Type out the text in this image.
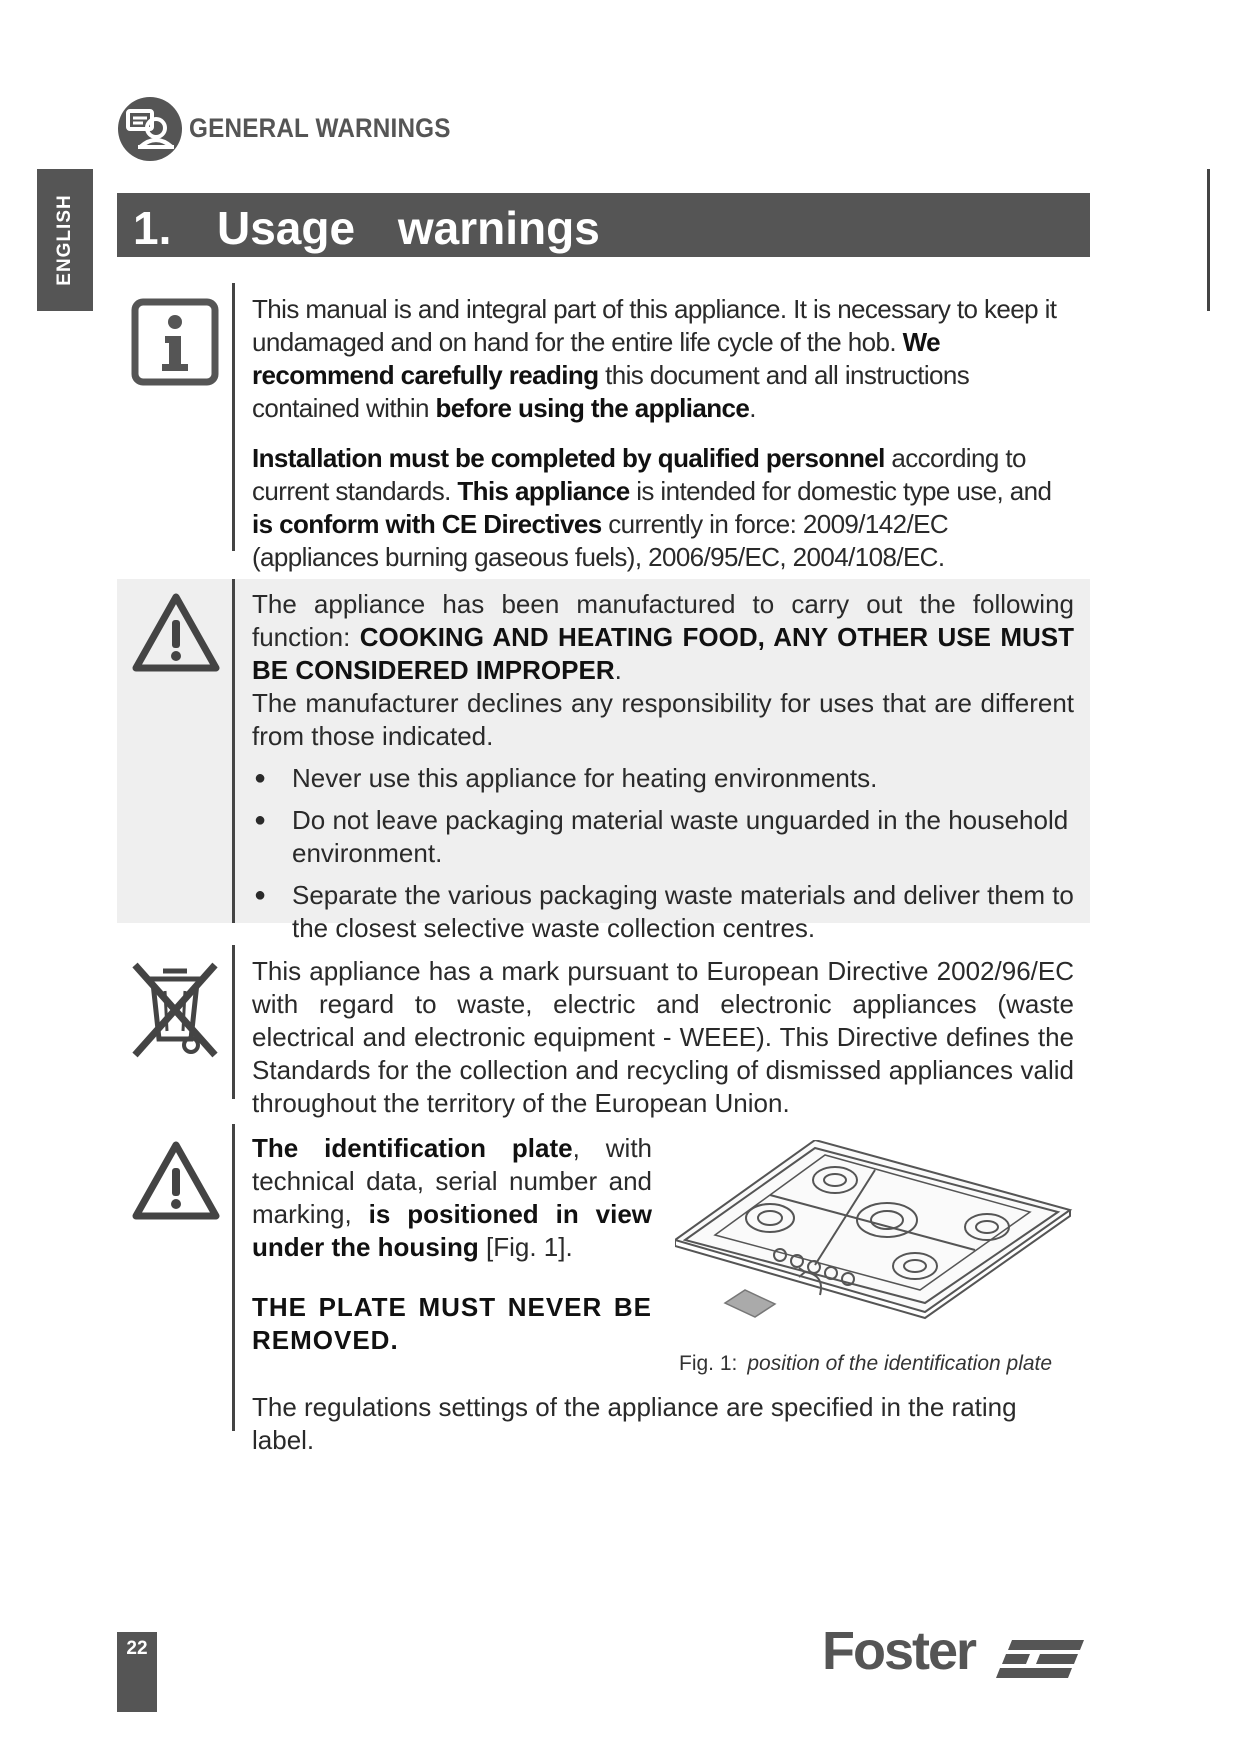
GENERAL WARNINGS
ENGLISH 1. Usage warnings

This manual is and integral part of this appliance. It is necessary to keep it undamaged and on hand for the entire life cycle of the hob. We recommend carefully reading this document and all instructions contained within before using the appliance.

Installation must be completed by qualified personnel according to current standards. This appliance is intended for domestic type use, and is conform with CE Directives currently in force: 2009/142/EC (appliances burning gaseous fuels), 2006/95/EC, 2004/108/EC.

The appliance has been manufactured to carry out the following function: COOKING AND HEATING FOOD, ANY OTHER USE MUST BE CONSIDERED IMPROPER.

The manufacturer declines any responsibility for uses that are different from those indicated.

● Never use this appliance for heating environments.
● Do not leave packaging material waste unguarded in the household environment.
● Separate the various packaging waste materials and deliver them to the closest selective waste collection centres.
This appliance has a mark pursuant to European Directive 2002/96/EC with regard to waste, electric and electronic appliances (waste electrical and electronic equipment - WEEE). This Directive defines the Standards for the collection and recycling of dismissed appliances valid throughout the territory of the European Union.

The identification plate, with technical data, serial number and marking, is positioned in view under the housing [Fig. 1].

THE PLATE MUST NEVER BE REMOVED.

Fig. 1: position of the identification plate
The regulations settings of the appliance are specified in the rating label.
22	Foster
